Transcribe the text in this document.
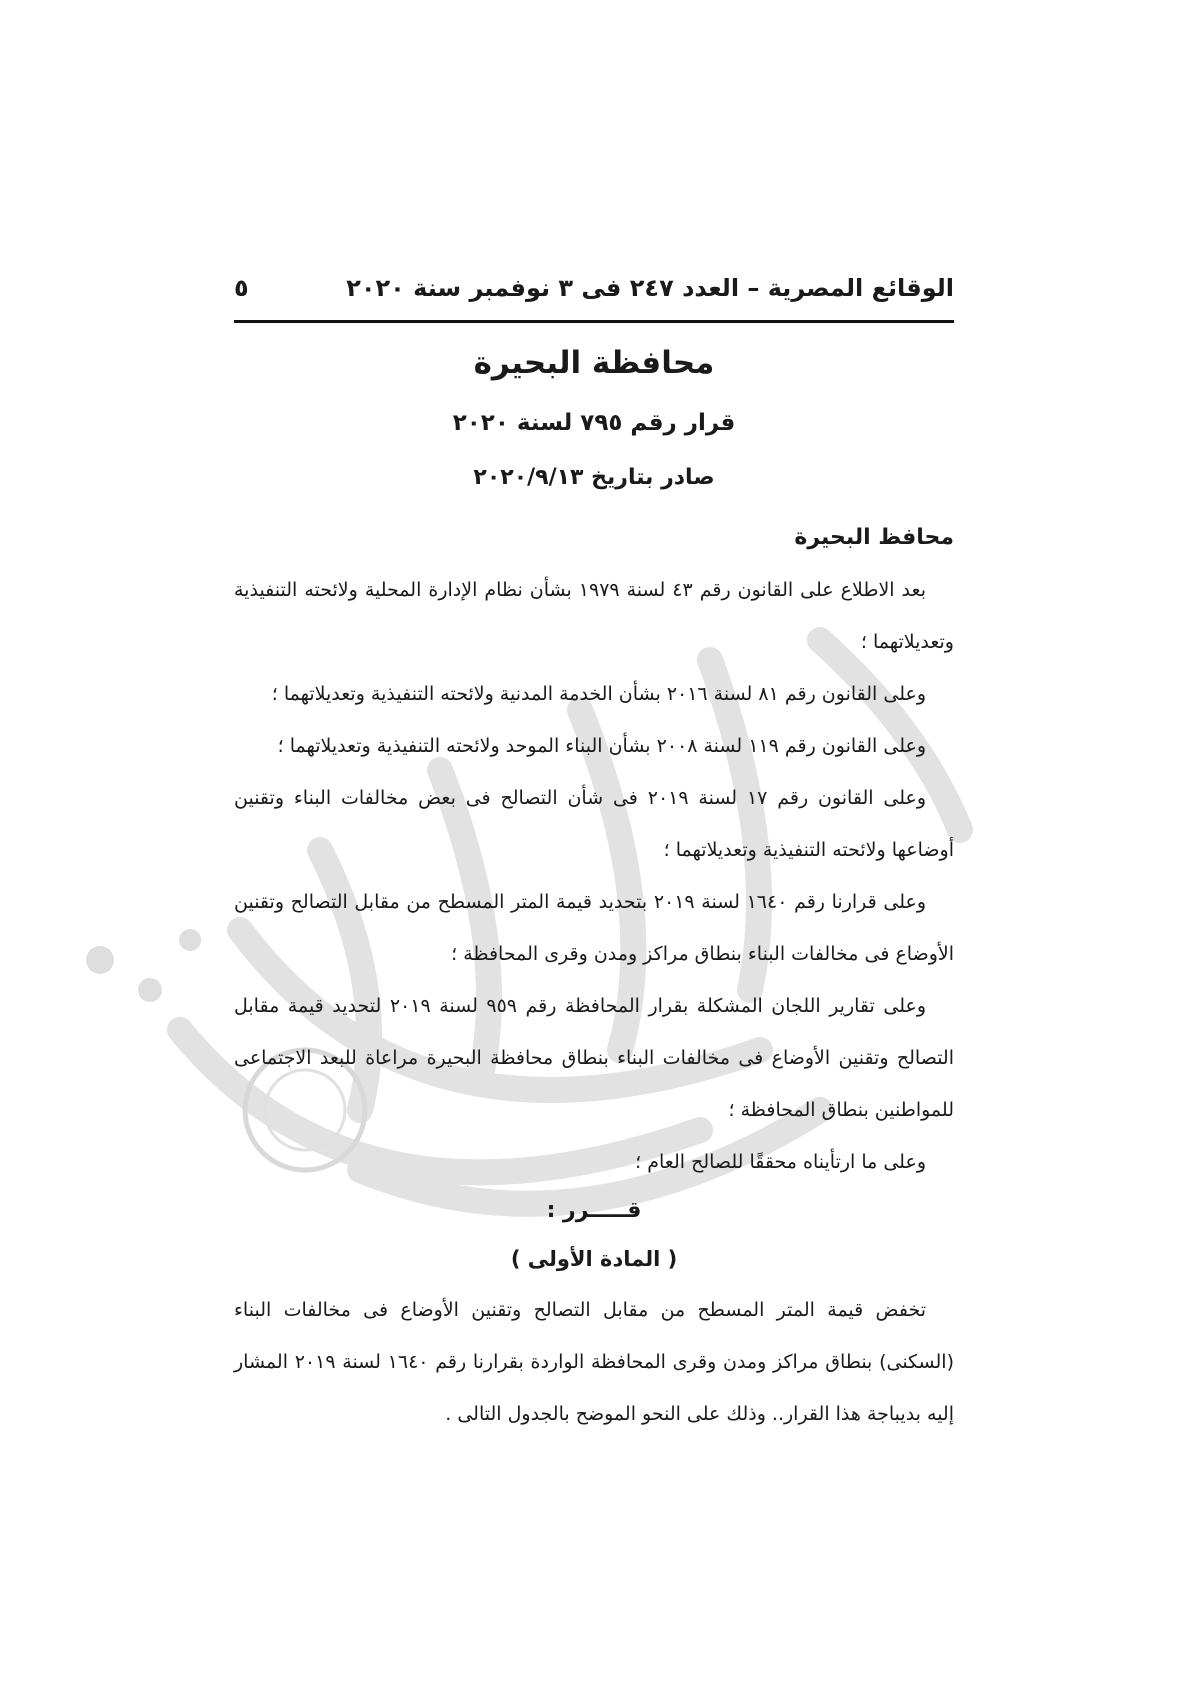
الوقائع المصرية – العدد ٢٤٧ فى ٣ نوفمبر سنة ٢٠٢٠
٥
محافظة البحيرة
قرار رقم ٧٩٥ لسنة ٢٠٢٠
صادر بتاريخ ٢٠٢٠/٩/١٣
محافظ البحيرة

بعد الاطلاع على القانون رقم ٤٣ لسنة ١٩٧٩ بشأن نظام الإدارة المحلية ولائحته التنفيذية وتعديلاتهما ؛

وعلى القانون رقم ٨١ لسنة ٢٠١٦ بشأن الخدمة المدنية ولائحته التنفيذية وتعديلاتهما ؛

وعلى القانون رقم ١١٩ لسنة ٢٠٠٨ بشأن البناء الموحد ولائحته التنفيذية وتعديلاتهما ؛

وعلى القانون رقم ١٧ لسنة ٢٠١٩ فى شأن التصالح فى بعض مخالفات البناء وتقنين أوضاعها ولائحته التنفيذية وتعديلاتهما ؛

وعلى قرارنا رقم ١٦٤٠ لسنة ٢٠١٩ بتحديد قيمة المتر المسطح من مقابل التصالح وتقنين الأوضاع فى مخالفات البناء بنطاق مراكز ومدن وقرى المحافظة ؛

وعلى تقارير اللجان المشكلة بقرار المحافظة رقم ٩٥٩ لسنة ٢٠١٩ لتحديد قيمة مقابل التصالح وتقنين الأوضاع فى مخالفات البناء بنطاق محافظة البحيرة مراعاة للبعد الاجتماعى للمواطنين بنطاق المحافظة ؛

وعلى ما ارتأيناه محققًا للصالح العام ؛

قـــــرر :
( المادة الأولى )

تخفض قيمة المتر المسطح من مقابل التصالح وتقنين الأوضاع فى مخالفات البناء (السكنى) بنطاق مراكز ومدن وقرى المحافظة الواردة بقرارنا رقم ١٦٤٠ لسنة ٢٠١٩ المشار إليه بديباجة هذا القرار.. وذلك على النحو الموضح بالجدول التالى .
